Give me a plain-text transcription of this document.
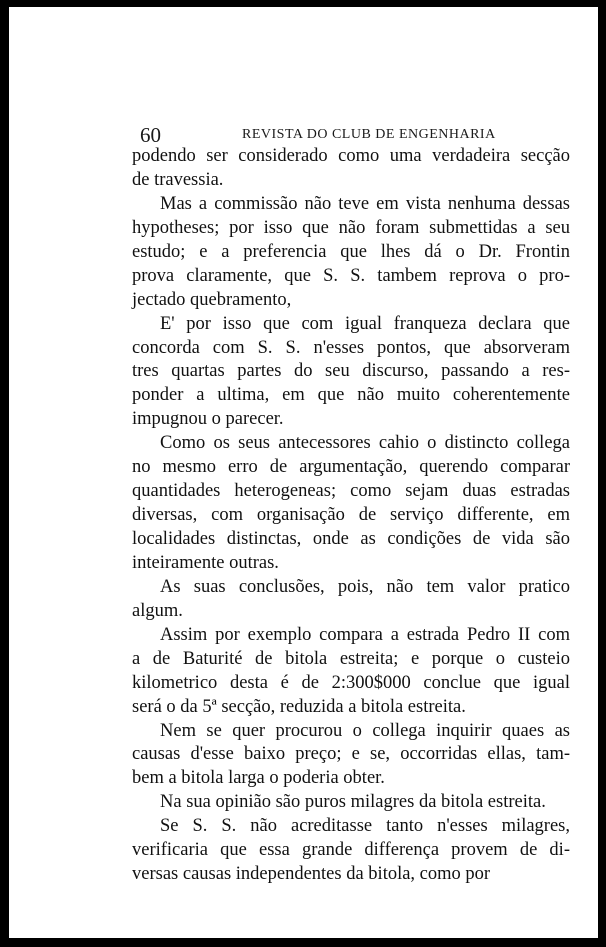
60	REVISTA DO CLUB DE ENGENHARIA
podendo ser considerado como uma verdadeira secção
de travessia.
Mas a commissão não teve em vista nenhuma dessas
hypotheses; por isso que não foram submettidas a seu
estudo; e a preferencia que lhes dá o Dr. Frontin
prova claramente, que S. S. tambem reprova o pro-
jectado quebramento,
E' por isso que com igual franqueza declara que
concorda com S. S. n'esses pontos, que absorveram
tres quartas partes do seu discurso, passando a res-
ponder a ultima, em que não muito coherentemente
impugnou o parecer.
Como os seus antecessores cahio o distincto collega
no mesmo erro de argumentação, querendo comparar
quantidades heterogeneas; como sejam duas estradas
diversas, com organisação de serviço differente, em
localidades distinctas, onde as condições de vida são
inteiramente outras.
As suas conclusões, pois, não tem valor pratico
algum.
Assim por exemplo compara a estrada Pedro II com
a de Baturité de bitola estreita; e porque o custeio
kilometrico desta é de 2:300$000 conclue que igual
será o da 5ª secção, reduzida a bitola estreita.
Nem se quer procurou o collega inquirir quaes as
causas d'esse baixo preço; e se, occorridas ellas, tam-
bem a bitola larga o poderia obter.
Na sua opinião são puros milagres da bitola estreita.
Se S. S. não acreditasse tanto n'esses milagres,
verificaria que essa grande differença provem de di-
versas causas independentes da bitola, como por
